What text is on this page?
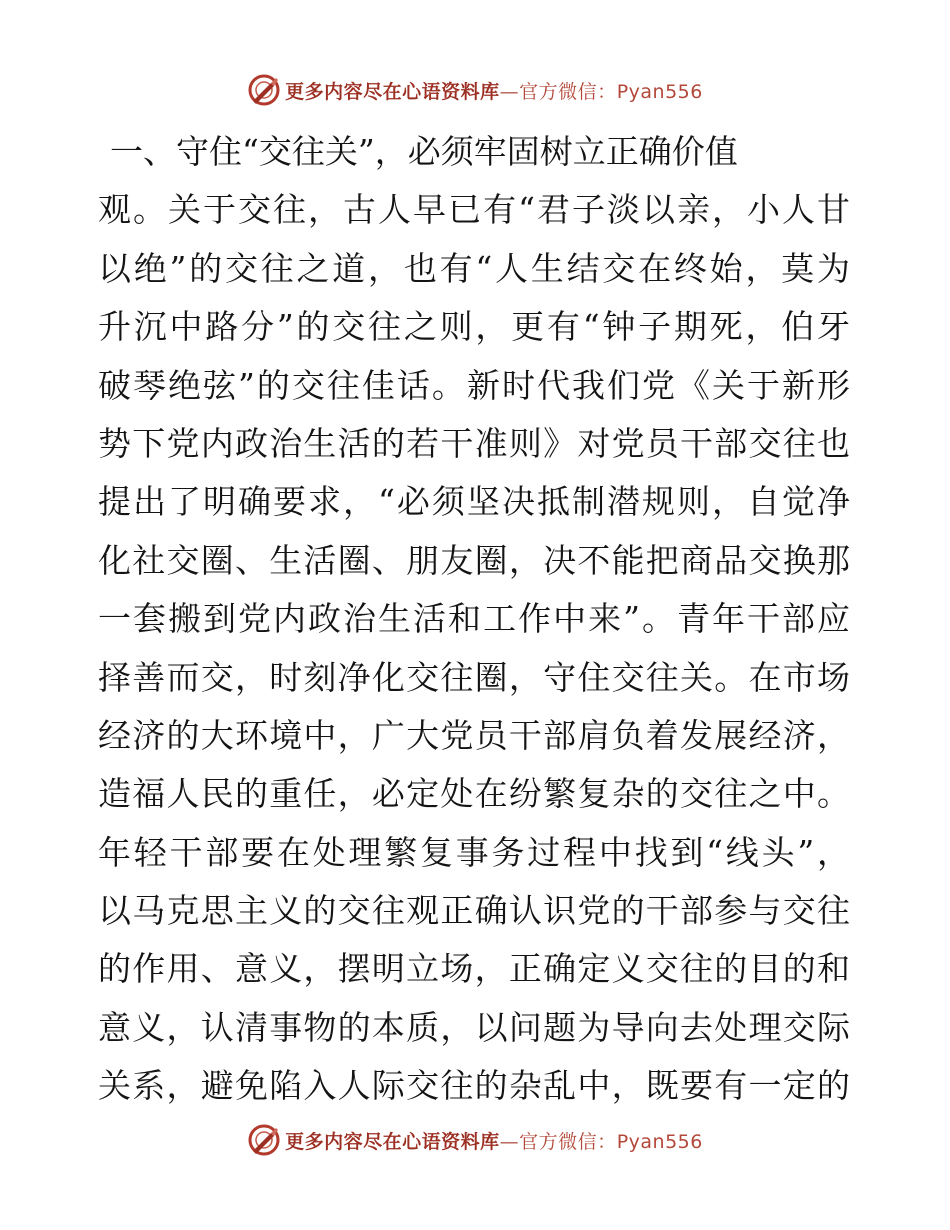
更多内容尽在心语资料库—官方微信：Pyan556
一、守住“交往关”，必须牢固树立正确价值
观。关于交往，古人早已有“君子淡以亲，小人甘
以绝”的交往之道，也有“人生结交在终始，莫为
升沉中路分”的交往之则，更有“钟子期死，伯牙
破琴绝弦”的交往佳话。新时代我们党《关于新形
势下党内政治生活的若干准则》对党员干部交往也
提出了明确要求，“必须坚决抵制潜规则，自觉净
化社交圈、生活圈、朋友圈，决不能把商品交换那
一套搬到党内政治生活和工作中来”。青年干部应
择善而交，时刻净化交往圈，守住交往关。在市场
经济的大环境中，广大党员干部肩负着发展经济，
造福人民的重任，必定处在纷繁复杂的交往之中。
年轻干部要在处理繁复事务过程中找到“线头”，
以马克思主义的交往观正确认识党的干部参与交往
的作用、意义，摆明立场，正确定义交往的目的和
意义，认清事物的本质，以问题为导向去处理交际
关系，避免陷入人际交往的杂乱中，既要有一定的
更多内容尽在心语资料库—官方微信：Pyan556
